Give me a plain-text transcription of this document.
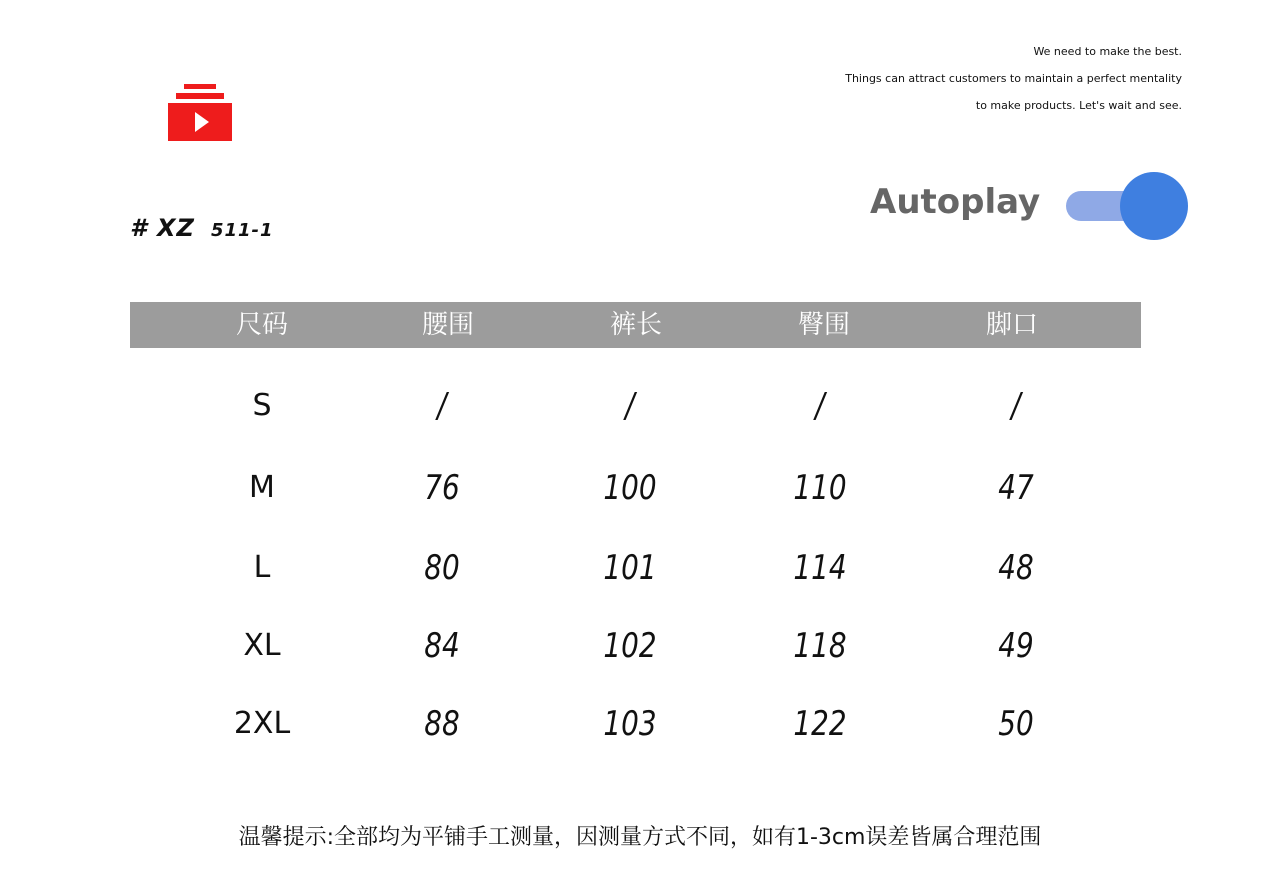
We need to make the best.
Things can attract customers to maintain a perfect mentality
to make products. Let's wait and see.
# XZ 511-1
Autoplay
尺码	腰围	裤长	臀围	脚口
S	/	/	/	/
M	76	100	110	47
L	80	101	114	48
XL	84	102	118	49
2XL	88	103	122	50
温馨提示:全部均为平铺手工测量，因测量方式不同，如有1-3cm误差皆属合理范围
